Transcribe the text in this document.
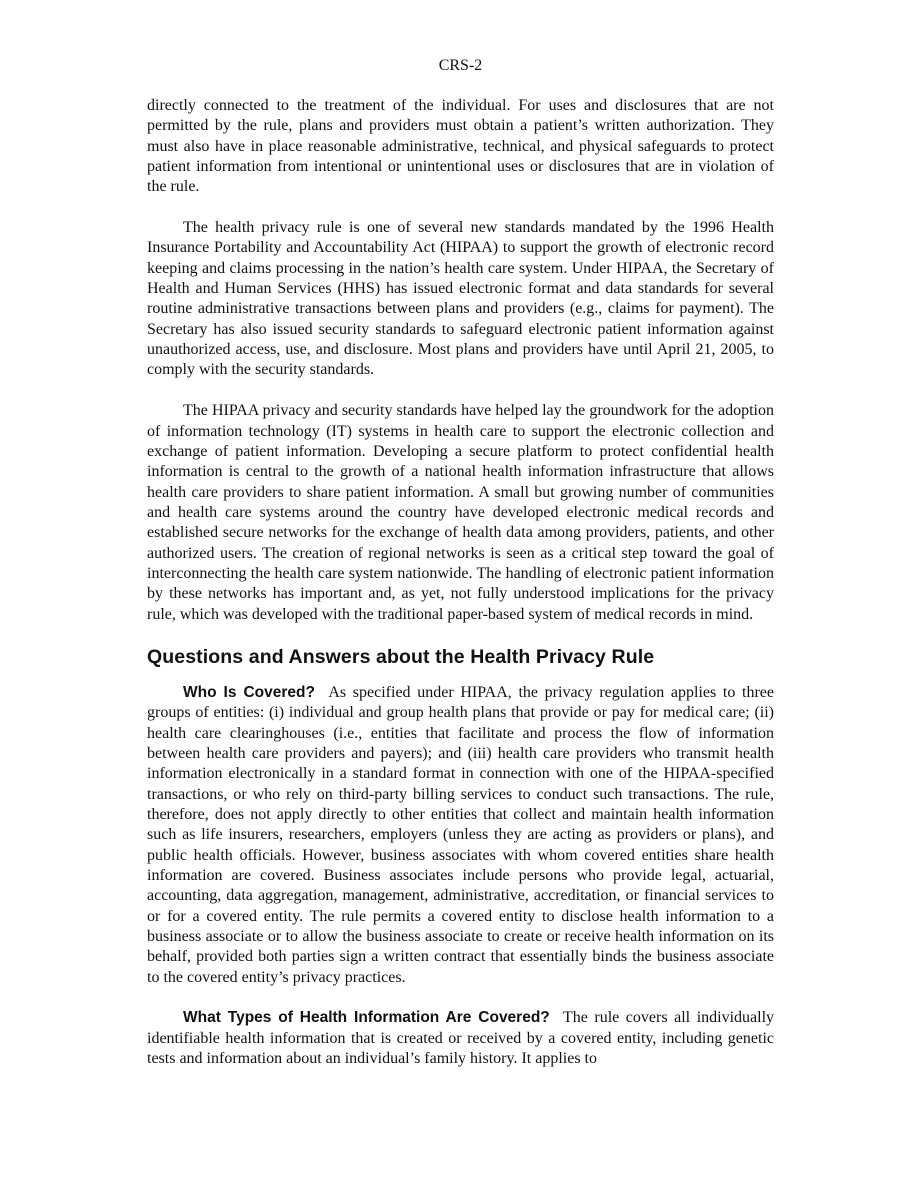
CRS-2

directly connected to the treatment of the individual. For uses and disclosures that are not permitted by the rule, plans and providers must obtain a patient’s written authorization. They must also have in place reasonable administrative, technical, and physical safeguards to protect patient information from intentional or unintentional uses or disclosures that are in violation of the rule.

The health privacy rule is one of several new standards mandated by the 1996 Health Insurance Portability and Accountability Act (HIPAA) to support the growth of electronic record keeping and claims processing in the nation’s health care system. Under HIPAA, the Secretary of Health and Human Services (HHS) has issued electronic format and data standards for several routine administrative transactions between plans and providers (e.g., claims for payment). The Secretary has also issued security standards to safeguard electronic patient information against unauthorized access, use, and disclosure. Most plans and providers have until April 21, 2005, to comply with the security standards.

The HIPAA privacy and security standards have helped lay the groundwork for the adoption of information technology (IT) systems in health care to support the electronic collection and exchange of patient information. Developing a secure platform to protect confidential health information is central to the growth of a national health information infrastructure that allows health care providers to share patient information. A small but growing number of communities and health care systems around the country have developed electronic medical records and established secure networks for the exchange of health data among providers, patients, and other authorized users. The creation of regional networks is seen as a critical step toward the goal of interconnecting the health care system nationwide. The handling of electronic patient information by these networks has important and, as yet, not fully understood implications for the privacy rule, which was developed with the traditional paper-based system of medical records in mind.

Questions and Answers about the Health Privacy Rule

Who Is Covered? As specified under HIPAA, the privacy regulation applies to three groups of entities: (i) individual and group health plans that provide or pay for medical care; (ii) health care clearinghouses (i.e., entities that facilitate and process the flow of information between health care providers and payers); and (iii) health care providers who transmit health information electronically in a standard format in connection with one of the HIPAA-specified transactions, or who rely on third-party billing services to conduct such transactions. The rule, therefore, does not apply directly to other entities that collect and maintain health information such as life insurers, researchers, employers (unless they are acting as providers or plans), and public health officials. However, business associates with whom covered entities share health information are covered. Business associates include persons who provide legal, actuarial, accounting, data aggregation, management, administrative, accreditation, or financial services to or for a covered entity. The rule permits a covered entity to disclose health information to a business associate or to allow the business associate to create or receive health information on its behalf, provided both parties sign a written contract that essentially binds the business associate to the covered entity’s privacy practices.

What Types of Health Information Are Covered? The rule covers all individually identifiable health information that is created or received by a covered entity, including genetic tests and information about an individual’s family history. It applies to
